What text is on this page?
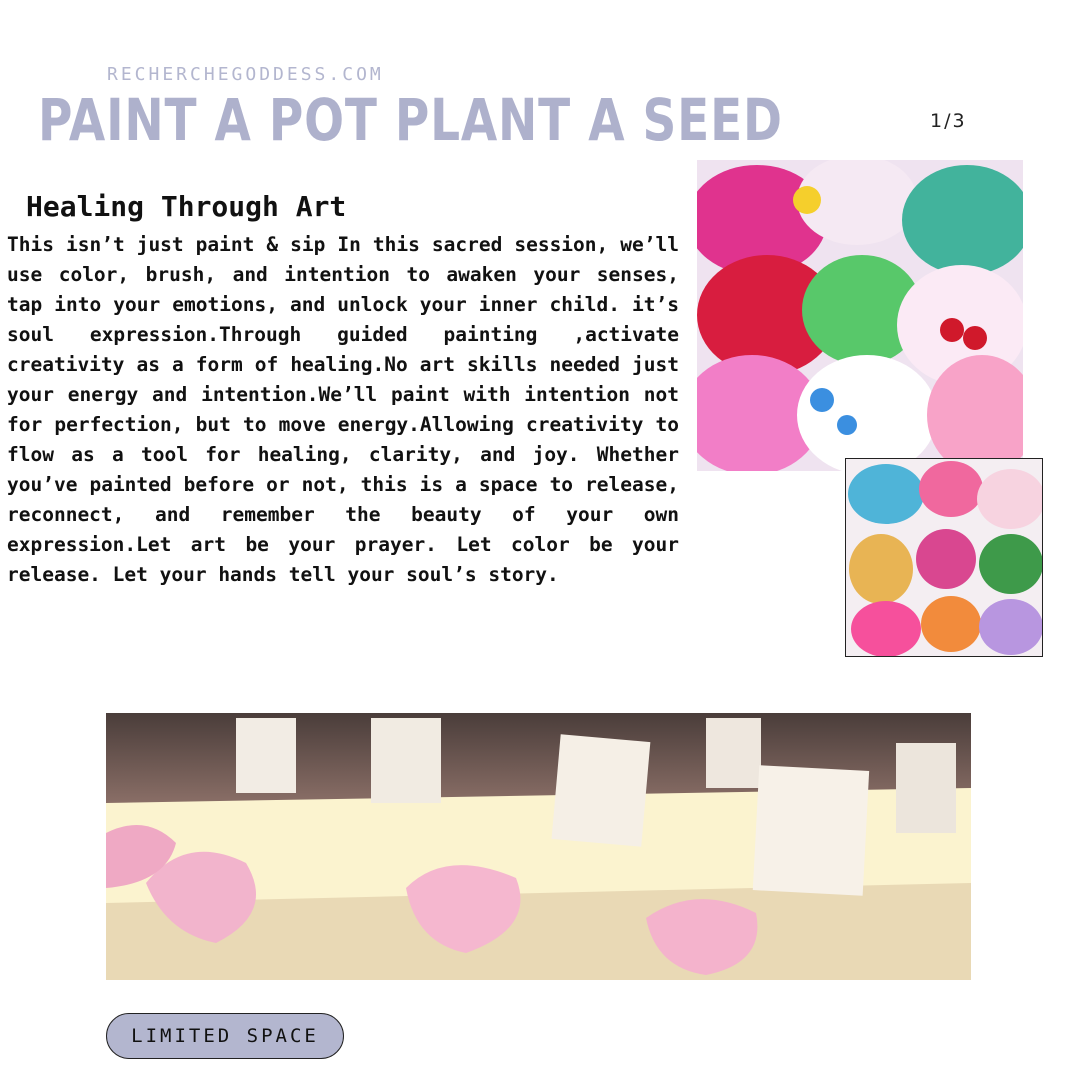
RECHERCHEGODDESS.COM
PAINT A POT PLANT A SEED	1/3
Healing Through Art
This isn’t just paint & sip In this sacred session, we’ll use color, brush, and intention to awaken your senses, tap into your emotions, and unlock your inner child. it’s soul expression.Through guided painting ,activate creativity as a form of healing.No art skills needed just your energy and intention.We’ll paint with intention not for perfection, but to move energy.Allowing creativity to flow as a tool for healing, clarity, and joy. Whether you’ve painted before or not, this is a space to release, reconnect, and remember the beauty of your own expression.Let art be your prayer. Let color be your release. Let your hands tell your soul’s story.
LIMITED SPACE
